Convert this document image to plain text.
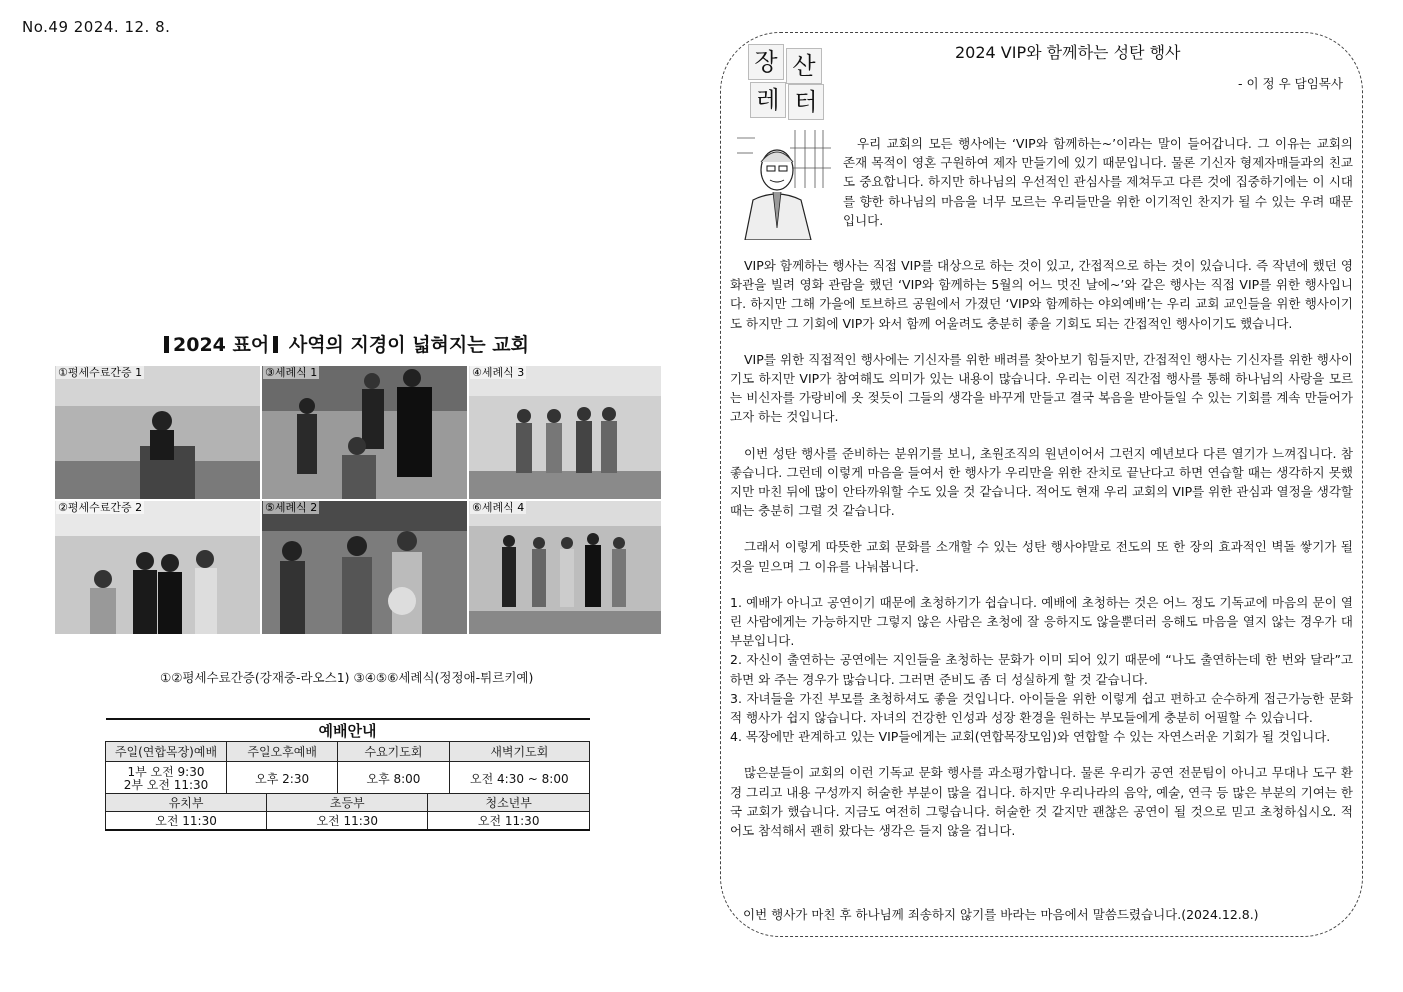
No.49 2024. 12. 8.
2024 표어 사역의 지경이 넓혀지는 교회
①평세수료간증 1	③세례식 1	④세례식 3
②평세수료간증 2	⑤세례식 2	⑥세례식 4
①②평세수료간증(강재중-라오스1) ③④⑤⑥세례식(정정애-튀르키예)
예배안내			
주일(연합목장)예배	주일오후예배	수요기도회	새벽기도회

1부 오전 9:30
2부 오전 11:30	오후 2:30	오후 8:00	오전 4:30 ~ 8:00
유치부	초등부	청소년부
오전 11:30	오전 11:30	오전 11:30
장 산
레 터
2024 VIP와 함께하는 성탄 행사
- 이 정 우 담임목사

우리 교회의 모든 행사에는 ‘VIP와 함께하는~’이라는 말이 들어갑니다. 그 이유는 교회의 존재 목적이 영혼 구원하여 제자 만들기에 있기 때문입니다. 물론 기신자 형제자매들과의 친교도 중요합니다. 하지만 하나님의 우선적인 관심사를 제쳐두고 다른 것에 집중하기에는 이 시대를 향한 하나님의 마음을 너무 모르는 우리들만을 위한 이기적인 찬지가 될 수 있는 우려 때문입니다.

VIP와 함께하는 행사는 직접 VIP를 대상으로 하는 것이 있고, 간접적으로 하는 것이 있습니다. 즉 작년에 했던 영화관을 빌려 영화 관람을 했던 ‘VIP와 함께하는 5월의 어느 멋진 날에~’와 같은 행사는 직접 VIP를 위한 행사입니다. 하지만 그해 가을에 토브하르 공원에서 가졌던 ‘VIP와 함께하는 야외예배’는 우리 교회 교인들을 위한 행사이기도 하지만 그 기회에 VIP가 와서 함께 어울려도 충분히 좋을 기회도 되는 간접적인 행사이기도 했습니다.

VIP를 위한 직접적인 행사에는 기신자를 위한 배려를 찾아보기 힘들지만, 간접적인 행사는 기신자를 위한 행사이기도 하지만 VIP가 참여해도 의미가 있는 내용이 많습니다. 우리는 이런 직간접 행사를 통해 하나님의 사랑을 모르는 비신자를 가랑비에 옷 젖듯이 그들의 생각을 바꾸게 만들고 결국 복음을 받아들일 수 있는 기회를 계속 만들어가고자 하는 것입니다.

이번 성탄 행사를 준비하는 분위기를 보니, 초원조직의 원년이어서 그런지 예년보다 다른 열기가 느껴집니다. 참 좋습니다. 그런데 이렇게 마음을 들여서 한 행사가 우리만을 위한 잔치로 끝난다고 하면 연습할 때는 생각하지 못했지만 마친 뒤에 많이 안타까워할 수도 있을 것 같습니다. 적어도 현재 우리 교회의 VIP를 위한 관심과 열정을 생각할 때는 충분히 그럴 것 같습니다.

그래서 이렇게 따뜻한 교회 문화를 소개할 수 있는 성탄 행사야말로 전도의 또 한 장의 효과적인 벽돌 쌓기가 될 것을 믿으며 그 이유를 나눠봅니다.

1. 예배가 아니고 공연이기 때문에 초청하기가 쉽습니다. 예배에 초청하는 것은 어느 정도 기독교에 마음의 문이 열린 사람에게는 가능하지만 그렇지 않은 사람은 초청에 잘 응하지도 않을뿐더러 응해도 마음을 열지 않는 경우가 대부분입니다.

2. 자신이 출연하는 공연에는 지인들을 초청하는 문화가 이미 되어 있기 때문에 “나도 출연하는데 한 번와 달라”고 하면 와 주는 경우가 많습니다. 그러면 준비도 좀 더 성실하게 할 것 같습니다.

3. 자녀들을 가진 부모를 초청하셔도 좋을 것입니다. 아이들을 위한 이렇게 쉽고 편하고 순수하게 접근가능한 문화적 행사가 쉽지 않습니다. 자녀의 건강한 인성과 성장 환경을 원하는 부모들에게 충분히 어필할 수 있습니다.

4. 목장에만 관계하고 있는 VIP들에게는 교회(연합목장모임)와 연합할 수 있는 자연스러운 기회가 될 것입니다.

많은분들이 교회의 이런 기독교 문화 행사를 과소평가합니다. 물론 우리가 공연 전문팀이 아니고 무대나 도구 환경 그리고 내용 구성까지 허술한 부분이 많을 겁니다. 하지만 우리나라의 음악, 예술, 연극 등 많은 부분의 기여는 한국 교회가 했습니다. 지금도 여전히 그렇습니다. 허술한 것 같지만 괜찮은 공연이 될 것으로 믿고 초청하십시오. 적어도 참석해서 괜히 왔다는 생각은 들지 않을 겁니다.

이번 행사가 마친 후 하나님께 죄송하지 않기를 바라는 마음에서 말씀드렸습니다.(2024.12.8.)
